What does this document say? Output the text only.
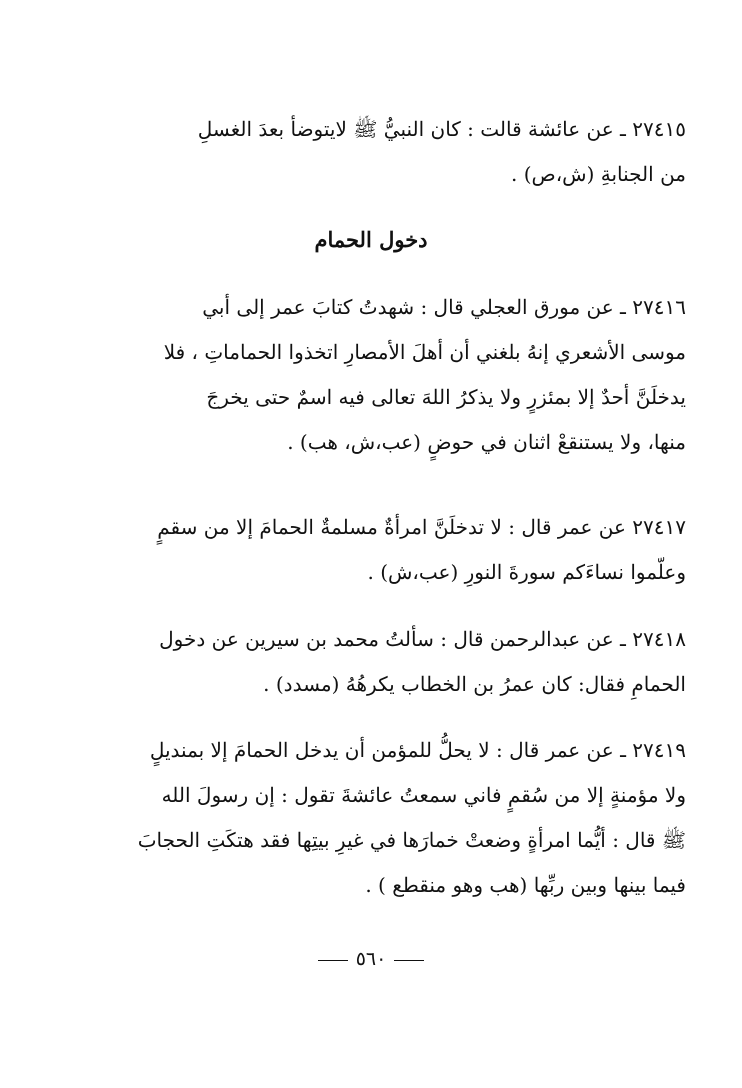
٢٧٤١٥ ـ عن عائشة قالت : كان النبيُّ ﷺ لايتوضأ بعدَ الغسلِ
من الجنابةِ (ش،ص) .
دخول الحمام
٢٧٤١٦ ـ عن مورق العجلي قال : شهدتُ كتابَ عمر إلى أبي
موسى الأشعري إنهُ بلغني أن أهلَ الأمصارِ اتخذوا الحماماتِ ، فلا
يدخلَنَّ أحدٌ إلا بمئزرٍ ولا يذكرُ اللهَ تعالى فيه اسمٌ حتى يخرجَ
منها، ولا يستنقعْ اثنان في حوضٍ (عب،ش، هب) .
٢٧٤١٧ عن عمر قال : لا تدخلَنَّ امرأةٌ مسلمةٌ الحمامَ إلا من سقمٍ
وعلّموا نساءَكم سورةَ النورِ (عب،ش) .
٢٧٤١٨ ـ عن عبدالرحمن قال : سألتُ محمد بن سيرين عن دخول
الحمامِ فقال: كان عمرُ بن الخطاب يكرهُهُ (مسدد) .
٢٧٤١٩ ـ عن عمر قال : لا يحلُّ للمؤمن أن يدخل الحمامَ إلا بمنديلٍ
ولا مؤمنةٍ إلا من سُقمٍ فاني سمعتُ عائشةَ تقول : إن رسولَ الله
ﷺ قال : أيُّما امرأةٍ وضعتْ خمارَها في غيرِ بيتِها فقد هتكَتِ الحجابَ
فيما بينها وبين ربِّها (هب وهو منقطع ) .
٥٦٠
